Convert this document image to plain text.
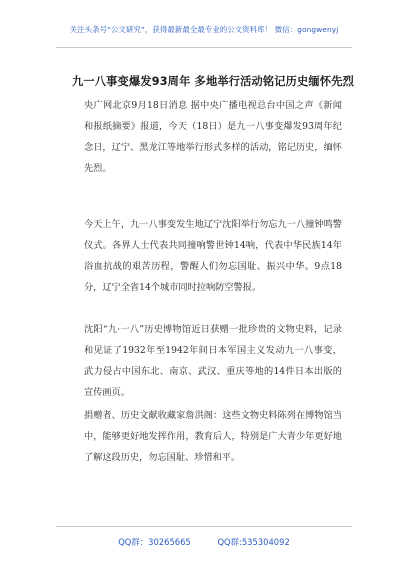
关注头条号“公文研究”，获得最新最全最专业的公文资料库！ 微信：gongwenyj
九一八事变爆发93周年 多地举行活动铭记历史缅怀先烈

央广网北京9月18日消息 据中央广播电视总台中国之声《新闻和报纸摘要》报道，今天（18日）是九一八事变爆发93周年纪念日，辽宁、黑龙江等地举行形式多样的活动，铭记历史，缅怀先烈。

今天上午，九一八事变发生地辽宁沈阳举行勿忘九一八撞钟鸣警仪式。各界人士代表共同撞响警世钟14响，代表中华民族14年浴血抗战的艰苦历程，警醒人们勿忘国耻、振兴中华。9点18分，辽宁全省14个城市同时拉响防空警报。

沈阳“九·一八”历史博物馆近日获赠一批珍贵的文物史料，记录和见证了1932年至1942年间日本军国主义发动九一八事变，武力侵占中国东北、南京、武汉、重庆等地的14件日本出版的宣传画页。

捐赠者、历史文献收藏家詹洪阁：这些文物史料陈列在博物馆当中，能够更好地发挥作用，教育后人，特别是广大青少年更好地了解这段历史，勿忘国耻、珍惜和平。

QQ群：30265665	QQ群:535304092
